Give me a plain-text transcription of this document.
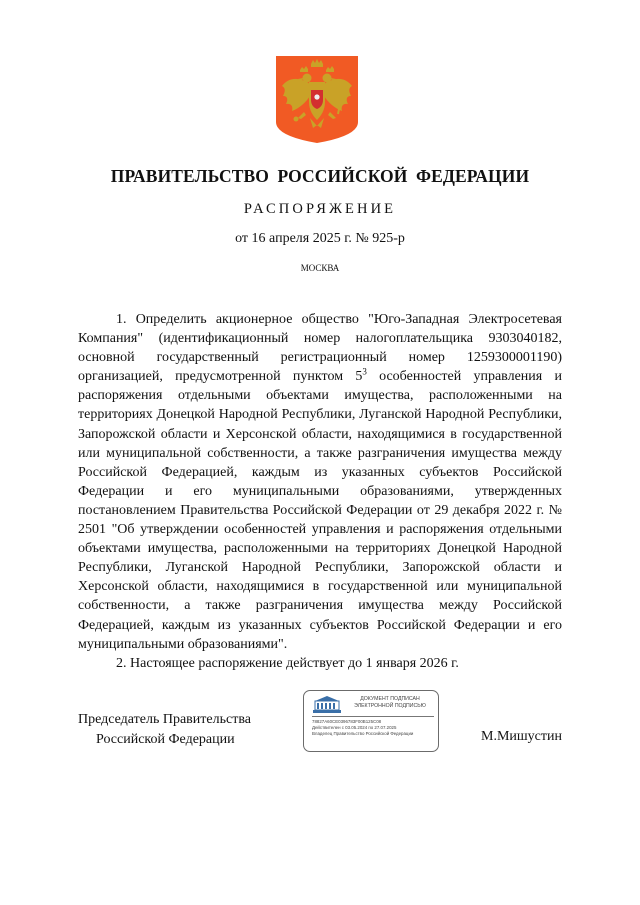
ПРАВИТЕЛЬСТВО РОССИЙСКОЙ ФЕДЕРАЦИИ
РАСПОРЯЖЕНИЕ
от 16 апреля 2025 г. № 925-р
МОСКВА

1. Определить акционерное общество "Юго-Западная Электросетевая Компания" (идентификационный номер налогоплательщика 9303040182, основной государственный регистрационный номер 1259300001190) организацией, предусмотренной пунктом $5^3$ особенностей управления и распоряжения отдельными объектами имущества, расположенными на территориях Донецкой Народной Республики, Луганской Народной Республики, Запорожской области и Херсонской области, находящимися в государственной или муниципальной собственности, а также разграничения имущества между Российской Федерацией, каждым из указанных субъектов Российской Федерации и его муниципальными образованиями, утвержденных постановлением Правительства Российской Федерации от 29 декабря 2022 г. № 2501 "Об утверждении особенностей управления и распоряжения отдельными объектами имущества, расположенными на территориях Донецкой Народной Республики, Луганской Народной Республики, Запорожской области и Херсонской области, находящимися в государственной или муниципальной собственности, а также разграничения имущества между Российской Федерацией, каждым из указанных субъектов Российской Федерации и его муниципальными образованиями".

2. Настоящее распоряжение действует до 1 января 2026 г.

Председатель Правительства
Российской Федерации
ДОКУМЕНТ ПОДПИСАН
ЭЛЕКТРОННОЙ ПОДПИСЬЮ
78827A60CE0396783F00B125C08
Действителен с 03.05.2024 по 27.07.2025
Владелец Правительство Российской Федерации	М.Мишустин
